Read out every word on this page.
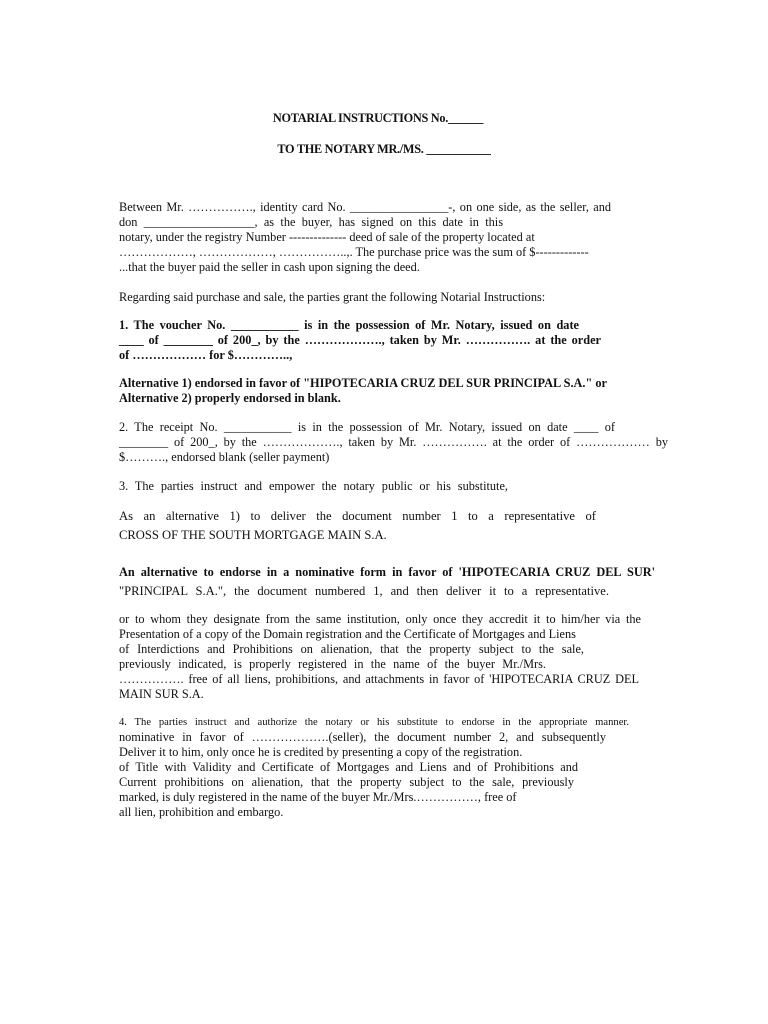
NOTARIAL INSTRUCTIONS No.______
TO THE NOTARY MR./MS. ___________
Between Mr. ……………., identity card No. ________________-, on one side, as the seller, and
don __________________, as the buyer, has signed on this date in this
notary, under the registry Number -------------- deed of sale of the property located at
………………, ………………, ……………..,. The purchase price was the sum of $-------------
...that the buyer paid the seller in cash upon signing the deed.
Regarding said purchase and sale, the parties grant the following Notarial Instructions:
1. The voucher No. ___________ is in the possession of Mr. Notary, issued on date
____ of ________ of 200_, by the ………………., taken by Mr. ……………. at the order
of ……………… for $…………..,
Alternative 1) endorsed in favor of "HIPOTECARIA CRUZ DEL SUR PRINCIPAL S.A." or
Alternative 2) properly endorsed in blank.
2. The receipt No. ___________ is in the possession of Mr. Notary, issued on date ____ of
________ of 200_, by the ………………., taken by Mr. ……………. at the order of ……………… by
$………., endorsed blank (seller payment)
3. The parties instruct and empower the notary public or his substitute,
As an alternative 1) to deliver the document number 1 to a representative of
CROSS OF THE SOUTH MORTGAGE MAIN S.A.
An alternative to endorse in a nominative form in favor of 'HIPOTECARIA CRUZ DEL SUR'
"PRINCIPAL S.A.", the document numbered 1, and then deliver it to a representative.
or to whom they designate from the same institution, only once they accredit it to him/her via the
Presentation of a copy of the Domain registration and the Certificate of Mortgages and Liens
of Interdictions and Prohibitions on alienation, that the property subject to the sale,
previously indicated, is properly registered in the name of the buyer Mr./Mrs.
……………. free of all liens, prohibitions, and attachments in favor of 'HIPOTECARIA CRUZ DEL
MAIN SUR S.A.
4. The parties instruct and authorize the notary or his substitute to endorse in the appropriate manner.
nominative in favor of ……………….(seller), the document number 2, and subsequently
Deliver it to him, only once he is credited by presenting a copy of the registration.
of Title with Validity and Certificate of Mortgages and Liens and of Prohibitions and
Current prohibitions on alienation, that the property subject to the sale, previously
marked, is duly registered in the name of the buyer Mr./Mrs.……………, free of
all lien, prohibition and embargo.
